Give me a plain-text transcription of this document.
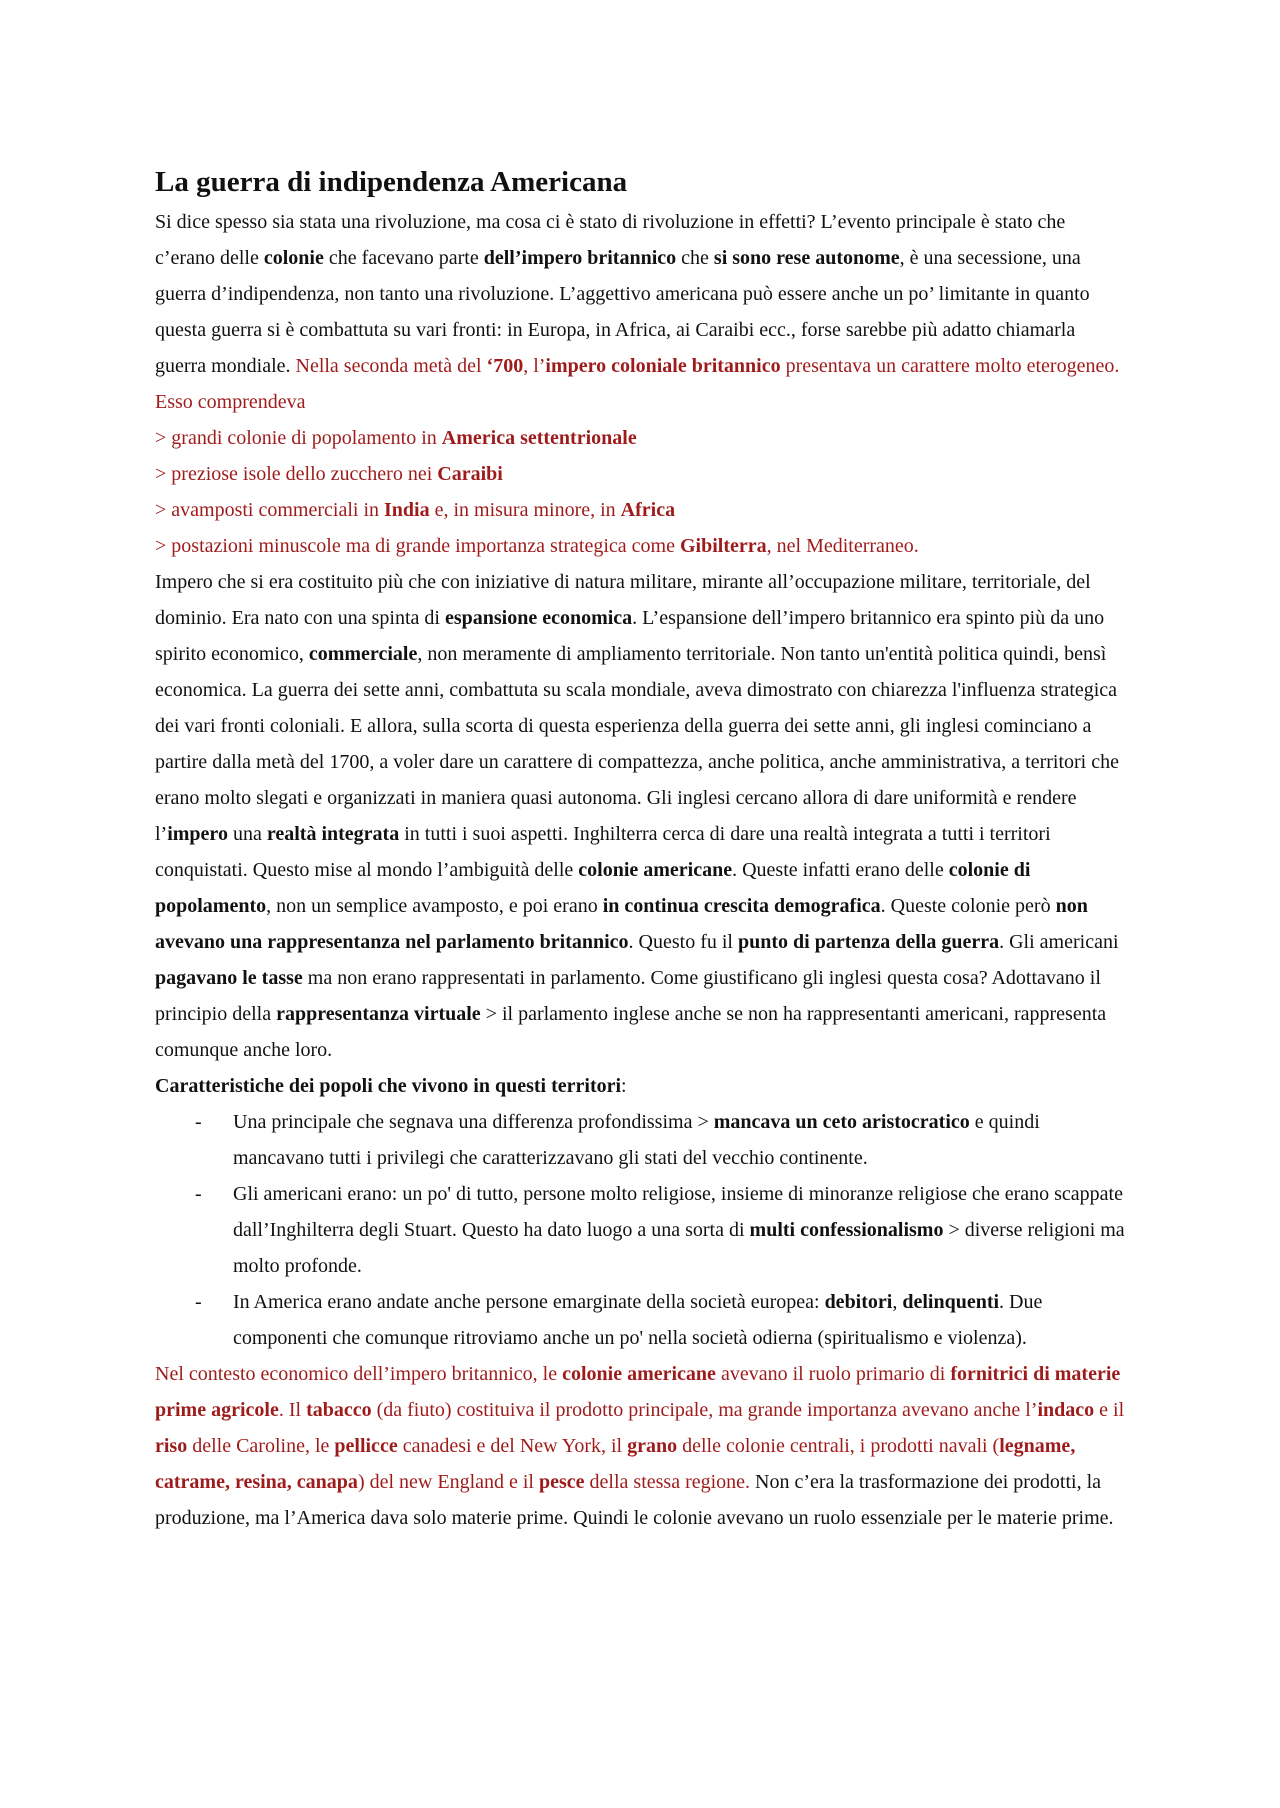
La guerra di indipendenza Americana

Si dice spesso sia stata una rivoluzione, ma cosa ci è stato di rivoluzione in effetti? L’evento principale è stato che c’erano delle colonie che facevano parte dell’impero britannico che si sono rese autonome, è una secessione, una guerra d’indipendenza, non tanto una rivoluzione. L’aggettivo americana può essere anche un po’ limitante in quanto questa guerra si è combattuta su vari fronti: in Europa, in Africa, ai Caraibi ecc., forse sarebbe più adatto chiamarla guerra mondiale. Nella seconda metà del ‘700, l’impero coloniale britannico presentava un carattere molto eterogeneo. Esso comprendeva

> grandi colonie di popolamento in America settentrionale
> preziose isole dello zucchero nei Caraibi
> avamposti commerciali in India e, in misura minore, in Africa
> postazioni minuscole ma di grande importanza strategica come Gibilterra, nel Mediterraneo.

Impero che si era costituito più che con iniziative di natura militare, mirante all’occupazione militare, territoriale, del dominio. Era nato con una spinta di espansione economica. L’espansione dell’impero britannico era spinto più da uno spirito economico, commerciale, non meramente di ampliamento territoriale. Non tanto un'entità politica quindi, bensì economica. La guerra dei sette anni, combattuta su scala mondiale, aveva dimostrato con chiarezza l'influenza strategica dei vari fronti coloniali. E allora, sulla scorta di questa esperienza della guerra dei sette anni, gli inglesi cominciano a partire dalla metà del 1700, a voler dare un carattere di compattezza, anche politica, anche amministrativa, a territori che erano molto slegati e organizzati in maniera quasi autonoma. Gli inglesi cercano allora di dare uniformità e rendere l’impero una realtà integrata in tutti i suoi aspetti. Inghilterra cerca di dare una realtà integrata a tutti i territori conquistati. Questo mise al mondo l’ambiguità delle colonie americane. Queste infatti erano delle colonie di popolamento, non un semplice avamposto, e poi erano in continua crescita demografica. Queste colonie però non avevano una rappresentanza nel parlamento britannico. Questo fu il punto di partenza della guerra. Gli americani pagavano le tasse ma non erano rappresentati in parlamento. Come giustificano gli inglesi questa cosa? Adottavano il principio della rappresentanza virtuale > il parlamento inglese anche se non ha rappresentanti americani, rappresenta comunque anche loro.

Caratteristiche dei popoli che vivono in questi territori:

- Una principale che segnava una differenza profondissima > mancava un ceto aristocratico e quindi mancavano tutti i privilegi che caratterizzavano gli stati del vecchio continente.
- Gli americani erano: un po' di tutto, persone molto religiose, insieme di minoranze religiose che erano scappate dall’Inghilterra degli Stuart. Questo ha dato luogo a una sorta di multi confessionalismo > diverse religioni ma molto profonde.
- In America erano andate anche persone emarginate della società europea: debitori, delinquenti. Due componenti che comunque ritroviamo anche un po' nella società odierna (spiritualismo e violenza).

Nel contesto economico dell’impero britannico, le colonie americane avevano il ruolo primario di fornitrici di materie prime agricole. Il tabacco (da fiuto) costituiva il prodotto principale, ma grande importanza avevano anche l’indaco e il riso delle Caroline, le pellicce canadesi e del New York, il grano delle colonie centrali, i prodotti navali (legname, catrame, resina, canapa) del new England e il pesce della stessa regione. Non c’era la trasformazione dei prodotti, la produzione, ma l’America dava solo materie prime. Quindi le colonie avevano un ruolo essenziale per le materie prime.
